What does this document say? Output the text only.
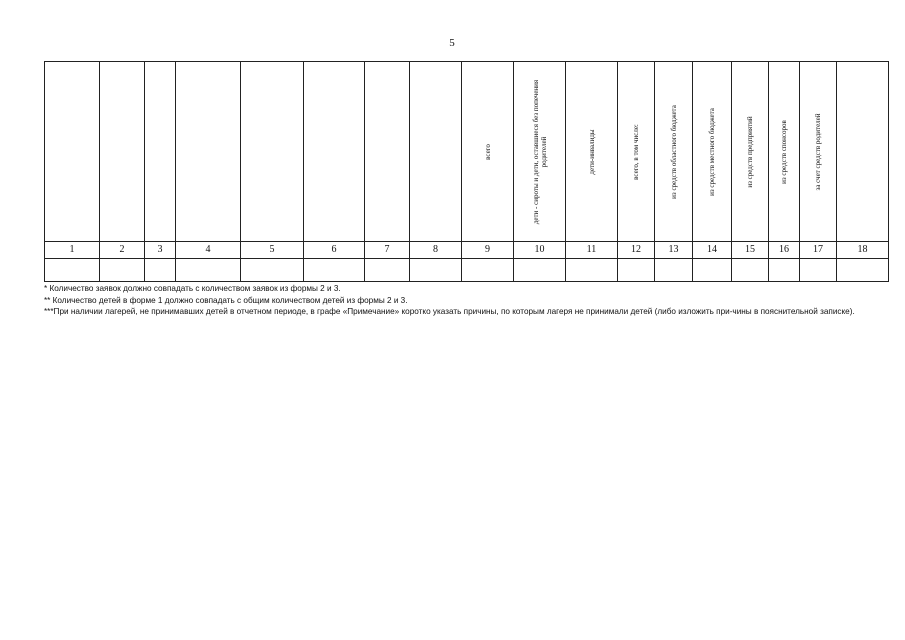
5

								всего	дети - сироты и дети, оставшиеся без попечения родителей	дети-инвалиды	всего, в том числе:	из средств областного бюджета	из средств местного бюджета	из средств предприятий	из средств спонсоров	за счет средств родителей	

1	2	3	4	5	6	7	8	9	10	11	12	13	14	15	16	17	18

* Количество заявок должно совпадать с количеством заявок из формы 2 и 3.

** Количество детей в форме 1 должно совпадать с общим количеством детей из формы 2 и 3.

***При наличии лагерей, не принимавших детей в отчетном периоде, в графе «Примечание» коротко указать причины, по которым лагеря не принимали детей (либо изложить при-чины в пояснительной записке).
